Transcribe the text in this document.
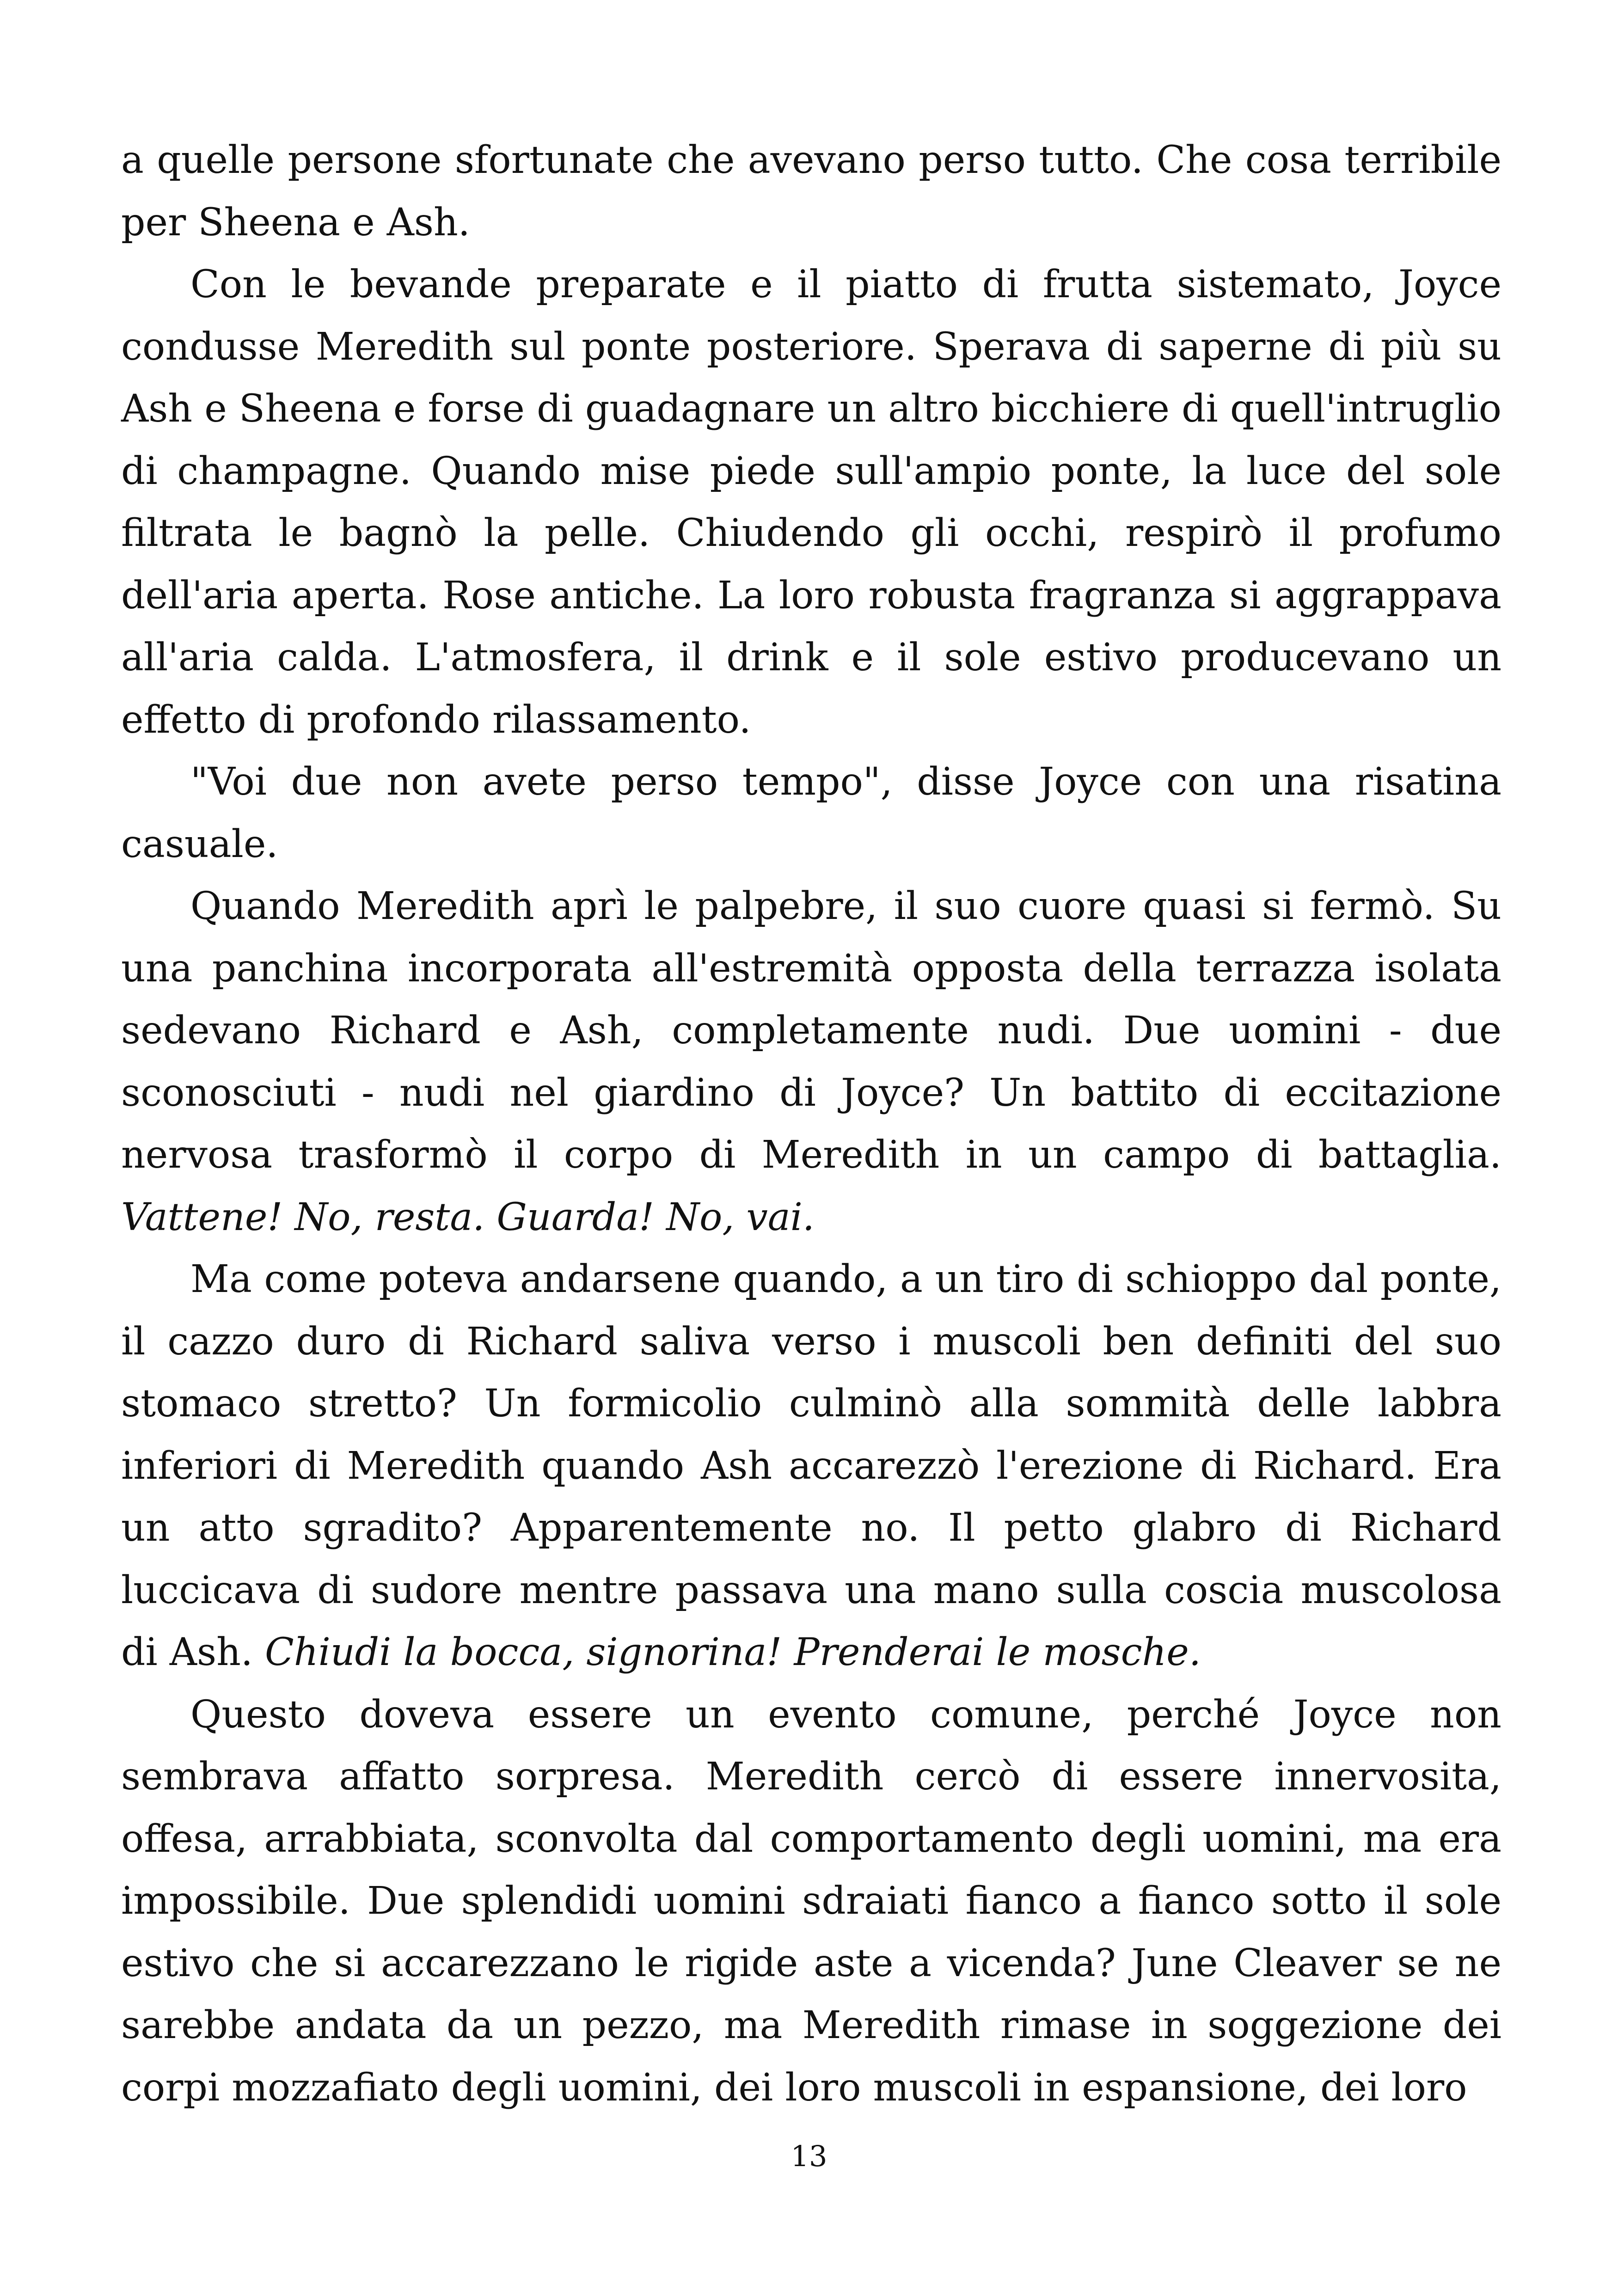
a quelle persone sfortunate che avevano perso tutto. Che cosa terribile per Sheena e Ash.

Con le bevande preparate e il piatto di frutta sistemato, Joyce condusse Meredith sul ponte posteriore. Sperava di saperne di più su Ash e Sheena e forse di guadagnare un altro bicchiere di quell'intruglio di champagne. Quando mise piede sull'ampio ponte, la luce del sole filtrata le bagnò la pelle. Chiudendo gli occhi, respirò il profumo dell'aria aperta. Rose antiche. La loro robusta fragranza si aggrappava all'aria calda. L'atmosfera, il drink e il sole estivo producevano un effetto di profondo rilassamento.

"Voi due non avete perso tempo", disse Joyce con una risatina casuale.

Quando Meredith aprì le palpebre, il suo cuore quasi si fermò. Su una panchina incorporata all'estremità opposta della terrazza isolata sedevano Richard e Ash, completamente nudi. Due uomini - due sconosciuti - nudi nel giardino di Joyce? Un battito di eccitazione nervosa trasformò il corpo di Meredith in un campo di battaglia. Vattene! No, resta. Guarda! No, vai.

Ma come poteva andarsene quando, a un tiro di schioppo dal ponte, il cazzo duro di Richard saliva verso i muscoli ben definiti del suo stomaco stretto? Un formicolio culminò alla sommità delle labbra inferiori di Meredith quando Ash accarezzò l'erezione di Richard. Era un atto sgradito? Apparentemente no. Il petto glabro di Richard luccicava di sudore mentre passava una mano sulla coscia muscolosa di Ash. Chiudi la bocca, signorina! Prenderai le mosche.

Questo doveva essere un evento comune, perché Joyce non sembrava affatto sorpresa. Meredith cercò di essere innervosita, offesa, arrabbiata, sconvolta dal comportamento degli uomini, ma era impossibile. Due splendidi uomini sdraiati fianco a fianco sotto il sole estivo che si accarezzano le rigide aste a vicenda? June Cleaver se ne sarebbe andata da un pezzo, ma Meredith rimase in soggezione dei corpi mozzafiato degli uomini, dei loro muscoli in espansione, dei loro

13
